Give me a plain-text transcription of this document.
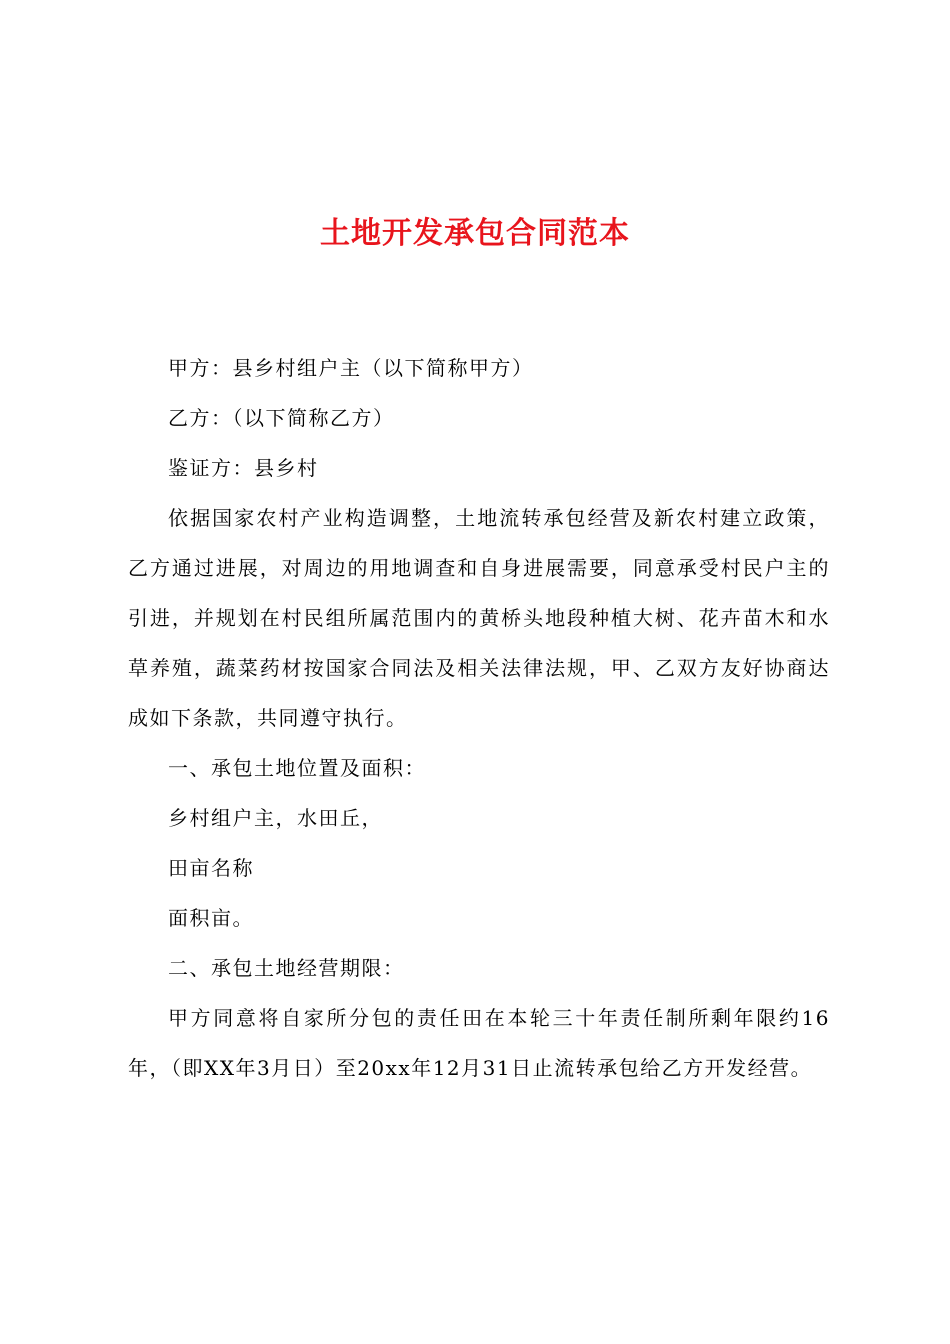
土地开发承包合同范本

甲方：县乡村组户主（以下简称甲方）

乙方：（以下简称乙方）

鉴证方：县乡村

依据国家农村产业构造调整，土地流转承包经营及新农村建立政策，乙方通过进展，对周边的用地调查和自身进展需要，同意承受村民户主的引进，并规划在村民组所属范围内的黄桥头地段种植大树、花卉苗木和水草养殖，蔬菜药材按国家合同法及相关法律法规，甲、乙双方友好协商达成如下条款，共同遵守执行。

一、承包土地位置及面积：

乡村组户主，水田丘，

田亩名称

面积亩。

二、承包土地经营期限：

甲方同意将自家所分包的责任田在本轮三十年责任制所剩年限约16年，（即XX年3月日）至20xx年12月31日止流转承包给乙方开发经营。
